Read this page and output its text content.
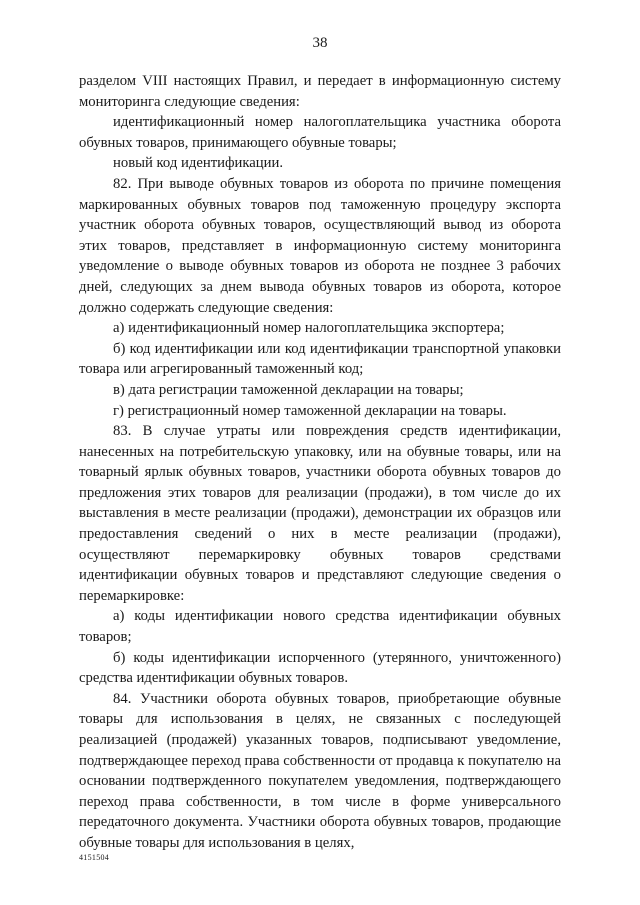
38

разделом VIII настоящих Правил, и передает в информационную систему мониторинга следующие сведения:

идентификационный номер налогоплательщика участника оборота обувных товаров, принимающего обувные товары;

новый код идентификации.

82. При выводе обувных товаров из оборота по причине помещения маркированных обувных товаров под таможенную процедуру экспорта участник оборота обувных товаров, осуществляющий вывод из оборота этих товаров, представляет в информационную систему мониторинга уведомление о выводе обувных товаров из оборота не позднее 3 рабочих дней, следующих за днем вывода обувных товаров из оборота, которое должно содержать следующие сведения:

а) идентификационный номер налогоплательщика экспортера;

б) код идентификации или код идентификации транспортной упаковки товара или агрегированный таможенный код;

в) дата регистрации таможенной декларации на товары;

г) регистрационный номер таможенной декларации на товары.

83. В случае утраты или повреждения средств идентификации, нанесенных на потребительскую упаковку, или на обувные товары, или на товарный ярлык обувных товаров, участники оборота обувных товаров до предложения этих товаров для реализации (продажи), в том числе до их выставления в месте реализации (продажи), демонстрации их образцов или предоставления сведений о них в месте реализации (продажи), осуществляют перемаркировку обувных товаров средствами идентификации обувных товаров и представляют следующие сведения о перемаркировке:

а) коды идентификации нового средства идентификации обувных товаров;

б) коды идентификации испорченного (утерянного, уничтоженного) средства идентификации обувных товаров.

84. Участники оборота обувных товаров, приобретающие обувные товары для использования в целях, не связанных с последующей реализацией (продажей) указанных товаров, подписывают уведомление, подтверждающее переход права собственности от продавца к покупателю на основании подтвержденного покупателем уведомления, подтверждающего переход права собственности, в том числе в форме универсального передаточного документа. Участники оборота обувных товаров, продающие обувные товары для использования в целях,

4151504
